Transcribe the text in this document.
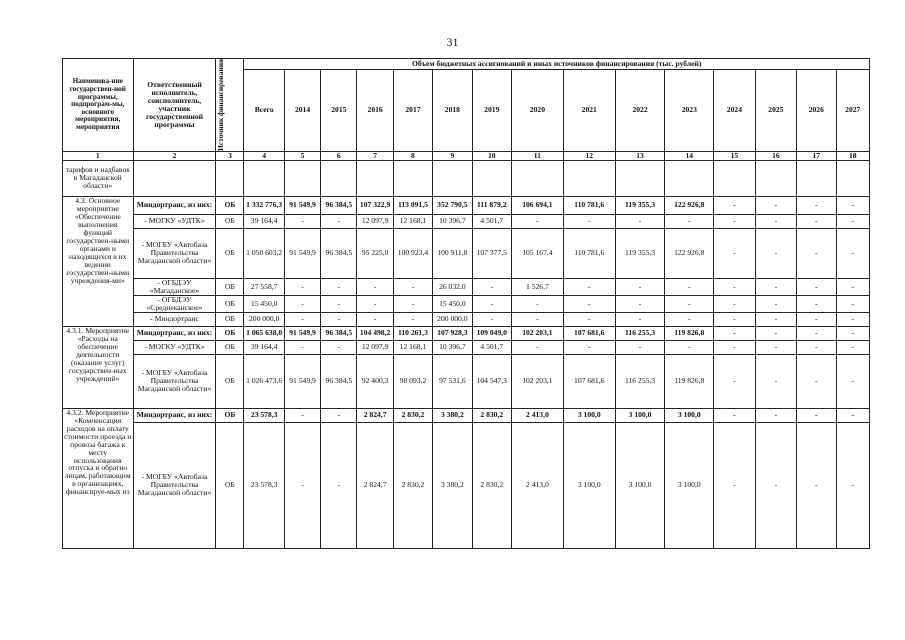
31
Наименова-ние государствен-ной программы, подпрограм-мы, основного мероприятия, мероприятия	Ответственный исполнитель, соисполнитель, участник государственной программы	Источник финансирования	Объем бюджетных ассигнований и иных источников финансирования (тыс. рублей)														
			Всего	2014	2015	2016	2017	2018	2019	2020	2021	2022	2023	2024	2025	2026	2027
1	2	3	4	5	6	7	8	9	10	11	12	13	14	15	16	17	18
тарифов и надбавок в Магаданской области»																	
4.3. Основное мероприятие «Обеспечение выполнения функций государствен-ными органами и находящихся в их ведении государствен-ными учреждения-ми»	Миндортранс, из них:	ОБ	1 332 776,3	91 549,9	96 384,5	107 322,9	113 091,5	352 790,5	111 879,2	106 694,1	110 781,6	119 355,3	122 926,8	-	-	-	-
	- МОГКУ «УДТК»	ОБ	39 164,4	-	-	12 097,9	12 168,1	10 396,7	4 501,7	-	-	-	-	-	-	-	-
	- МОГБУ «Автобаза Правительства Магаданской области»	ОБ	1 050 603,2	91 549,9	96 384,5	95 225,0	100 923,4	100 911,8	107 377,5	105 167,4	110 781,6	119 355,3	122 926,8	-	-	-	-
	- ОГБДЭУ «Магаданское»	ОБ	27 558,7	-	-	-	-	26 032,0	-	1 526,7	-	-	-	-	-	-	-
	- ОГБДЭУ «Среднеканское»	ОБ	15 450,0	-	-	-	-	15 450,0	-	-	-	-	-	-	-	-	-
	- Миндортранс	ОБ	200 000,0	-	-	-	-	200 000,0	-	-	-	-	-	-	-	-	-
4.3.1. Мероприятие «Расходы на обеспечение деятельности (оказание услуг) государствен-ных учреждений»	Миндортранс, из них:	ОБ	1 065 638,0	91 549,9	96 384,5	104 498,2	110 261,3	107 928,3	109 049,0	102 203,1	107 681,6	116 255,3	119 826,8	-	-	-	-
	- МОГКУ «УДТК»	ОБ	39 164,4	-	-	12 097,9	12 168,1	10 396,7	4 501,7	-	-	-	-	-	-	-	-
	- МОГБУ «Автобаза Правительства Магаданской области»	ОБ	1 026 473,6	91 549,9	96 384,5	92 400,3	98 093,2	97 531,6	104 547,3	102 203,1	107 681,6	116 255,3	119 826,8	-	-	-	-
4.3.2. Мероприятие «Компенсация расходов на оплату стоимости проезда и провоза багажа к месту использования отпуска и обратно лицам, работающим в организациях, финансируе-мых из	Миндортранс, из них:	ОБ	23 578,3	-	-	2 824,7	2 830,2	3 380,2	2 830,2	2 413,0	3 100,0	3 100,0	3 100,0	-	-	-	-
	- МОГБУ «Автобаза Правительства Магаданской области»	ОБ	23 578,3	-	-	2 824,7	2 830,2	3 380,2	2 830,2	2 413,0	3 100,0	3 100,0	3 100,0	-	-	-	-
